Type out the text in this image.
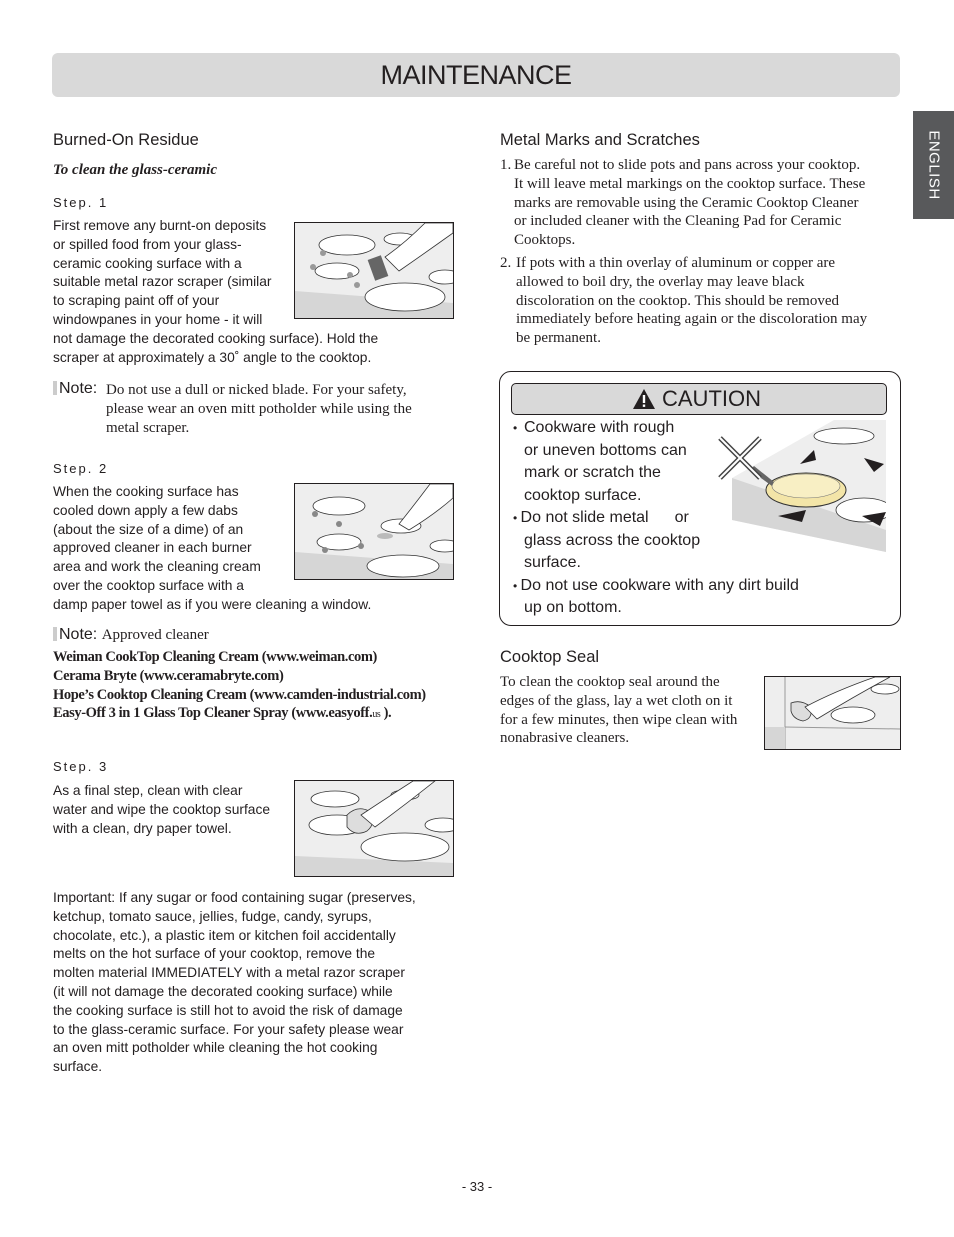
MAINTENANCE
ENGLISH
Burned-On Residue
To clean the glass-ceramic
Step. 1
First remove any burnt-on deposits
or spilled food from your glass-
ceramic cooking surface with a
suitable metal razor scraper (similar
to scraping paint off of your
windowpanes in your home - it will
not damage the decorated cooking surface). Hold the
scraper at approximately a 30˚ angle to the cooktop.
Note: Do not use a dull or nicked blade. For your safety,
please wear an oven mitt potholder while using the
metal scraper.
Step. 2
When the cooking surface has
cooled down apply a few dabs
(about the size of a dime) of an
approved cleaner in each burner
area and work the cleaning cream
over the cooktop surface with a
damp paper towel as if you were cleaning a window.
Note: Approved cleaner
Weiman CookTop Cleaning Cream (www.weiman.com)
Cerama Bryte (www.ceramabryte.com)
Hope’s Cooktop Cleaning Cream (www.camden-industrial.com)
Easy-Off 3 in 1 Glass Top Cleaner Spray (www.easyoff.us ).
Step. 3
As a final step, clean with clear
water and wipe the cooktop surface
with a clean, dry paper towel.
Important: If any sugar or food containing sugar (preserves,
ketchup, tomato sauce, jellies, fudge, candy, syrups,
chocolate, etc.), a plastic item or kitchen foil accidentally
melts on the hot surface of your cooktop, remove the
molten material IMMEDIATELY with a metal razor scraper
(it will not damage the decorated cooking surface) while
the cooking surface is still hot to avoid the risk of damage
to the glass-ceramic surface. For your safety please wear
an oven mitt potholder while cleaning the hot cooking
surface.
Metal Marks and Scratches
1. Be careful not to slide pots and pans across your cooktop.
It will leave metal markings on the cooktop surface. These
marks are removable using the Ceramic Cooktop Cleaner
or included cleaner with the Cleaning Pad for Ceramic
Cooktops.
2. If pots with a thin overlay of aluminum or copper are
allowed to boil dry, the overlay may leave black
discoloration on the cooktop. This should be removed
immediately before heating again or the discoloration may
be permanent.
CAUTION
• Cookware with rough
or uneven bottoms can
mark or scratch the
cooktop surface.
• Do not slide metal or
glass across the cooktop
surface.
• Do not use cookware with any dirt build
up on bottom.
Cooktop Seal
To clean the cooktop seal around the
edges of the glass, lay a wet cloth on it
for a few minutes, then wipe clean with
nonabrasive cleaners.
- 33 -
